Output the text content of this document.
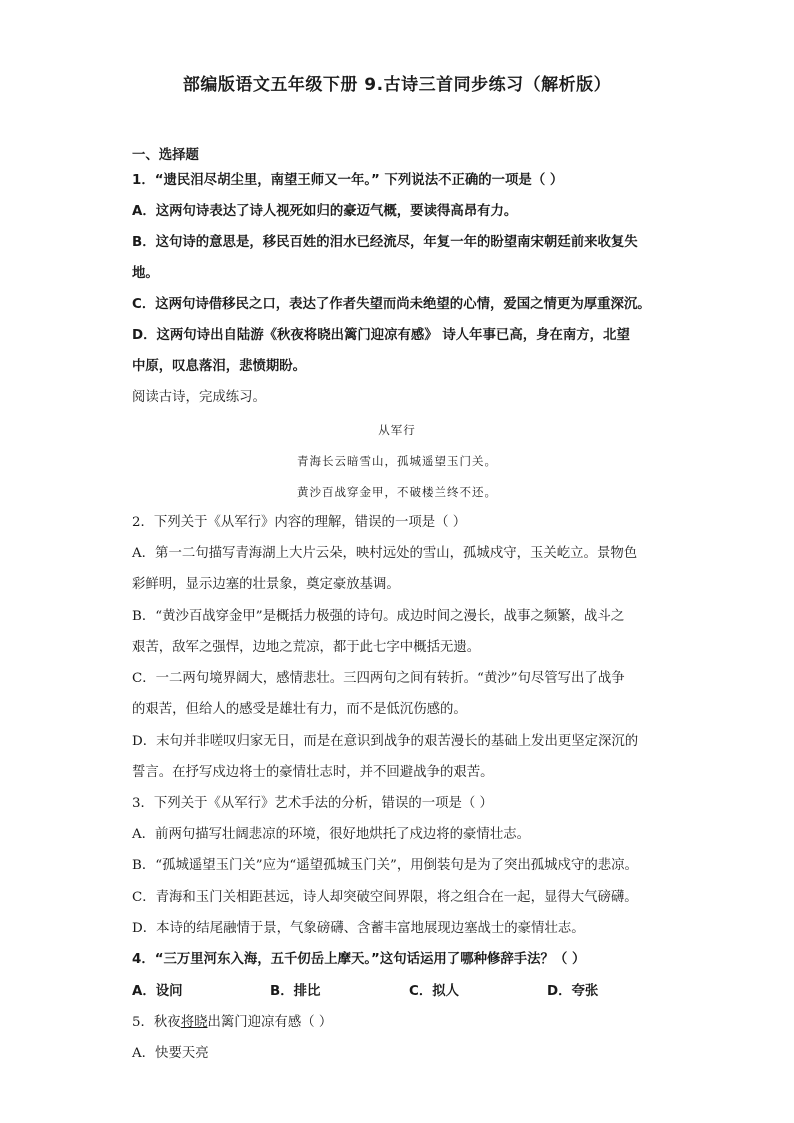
部编版语文五年级下册 9.古诗三首同步练习（解析版）
一、选择题
1．“遗民泪尽胡尘里，南望王师又一年。” 下列说法不正确的一项是（ ）
A．这两句诗表达了诗人视死如归的豪迈气概，要读得高昂有力。
B．这句诗的意思是，移民百姓的泪水已经流尽，年复一年的盼望南宋朝廷前来收复失
地。
C．这两句诗借移民之口，表达了作者失望而尚未绝望的心情，爱国之情更为厚重深沉。
D．这两句诗出自陆游《秋夜将晓出篱门迎凉有感》 诗人年事已高，身在南方，北望
中原，叹息落泪，悲愤期盼。
阅读古诗，完成练习。
从军行
青海长云暗雪山，孤城遥望玉门关。
黄沙百战穿金甲，不破楼兰终不还。
2．下列关于《从军行》内容的理解，错误的一项是（ ）
A．第一二句描写青海湖上大片云朵，映村远处的雪山，孤城戍守，玉关屹立。景物色
彩鲜明，显示边塞的壮景象，奠定豪放基调。
B．“黄沙百战穿金甲”是概括力极强的诗句。成边时间之漫长，战事之频繁，战斗之
艰苦，敌军之强悍，边地之荒凉，都于此七字中概括无遗。
C．一二两句境界阔大，感情悲壮。三四两句之间有转折。“黄沙”句尽管写出了战争
的艰苦，但给人的感受是雄壮有力，而不是低沉伤感的。
D．末句并非嗟叹归家无日，而是在意识到战争的艰苦漫长的基础上发出更坚定深沉的
誓言。在抒写戍边将士的豪情壮志时，并不回避战争的艰苦。
3．下列关于《从军行》艺术手法的分析，错误的一项是（ ）
A．前两句描写壮阔悲凉的环境，很好地烘托了戍边将的豪情壮志。
B．“孤城遥望玉门关”应为“遥望孤城玉门关”，用倒装句是为了突出孤城戍守的悲凉。
C．青海和玉门关相距甚远，诗人却突破空间界限，将之组合在一起，显得大气磅礴。
D．本诗的结尾融情于景，气象磅礴、含蓄丰富地展现边塞战士的豪情壮志。
4．“三万里河东入海，五千仞岳上摩天。”这句话运用了哪种修辞手法？（ ）
A．设问	B．排比	C．拟人	D．夸张
5．秋夜将晓出篱门迎凉有感（ ）
A．快要天亮
